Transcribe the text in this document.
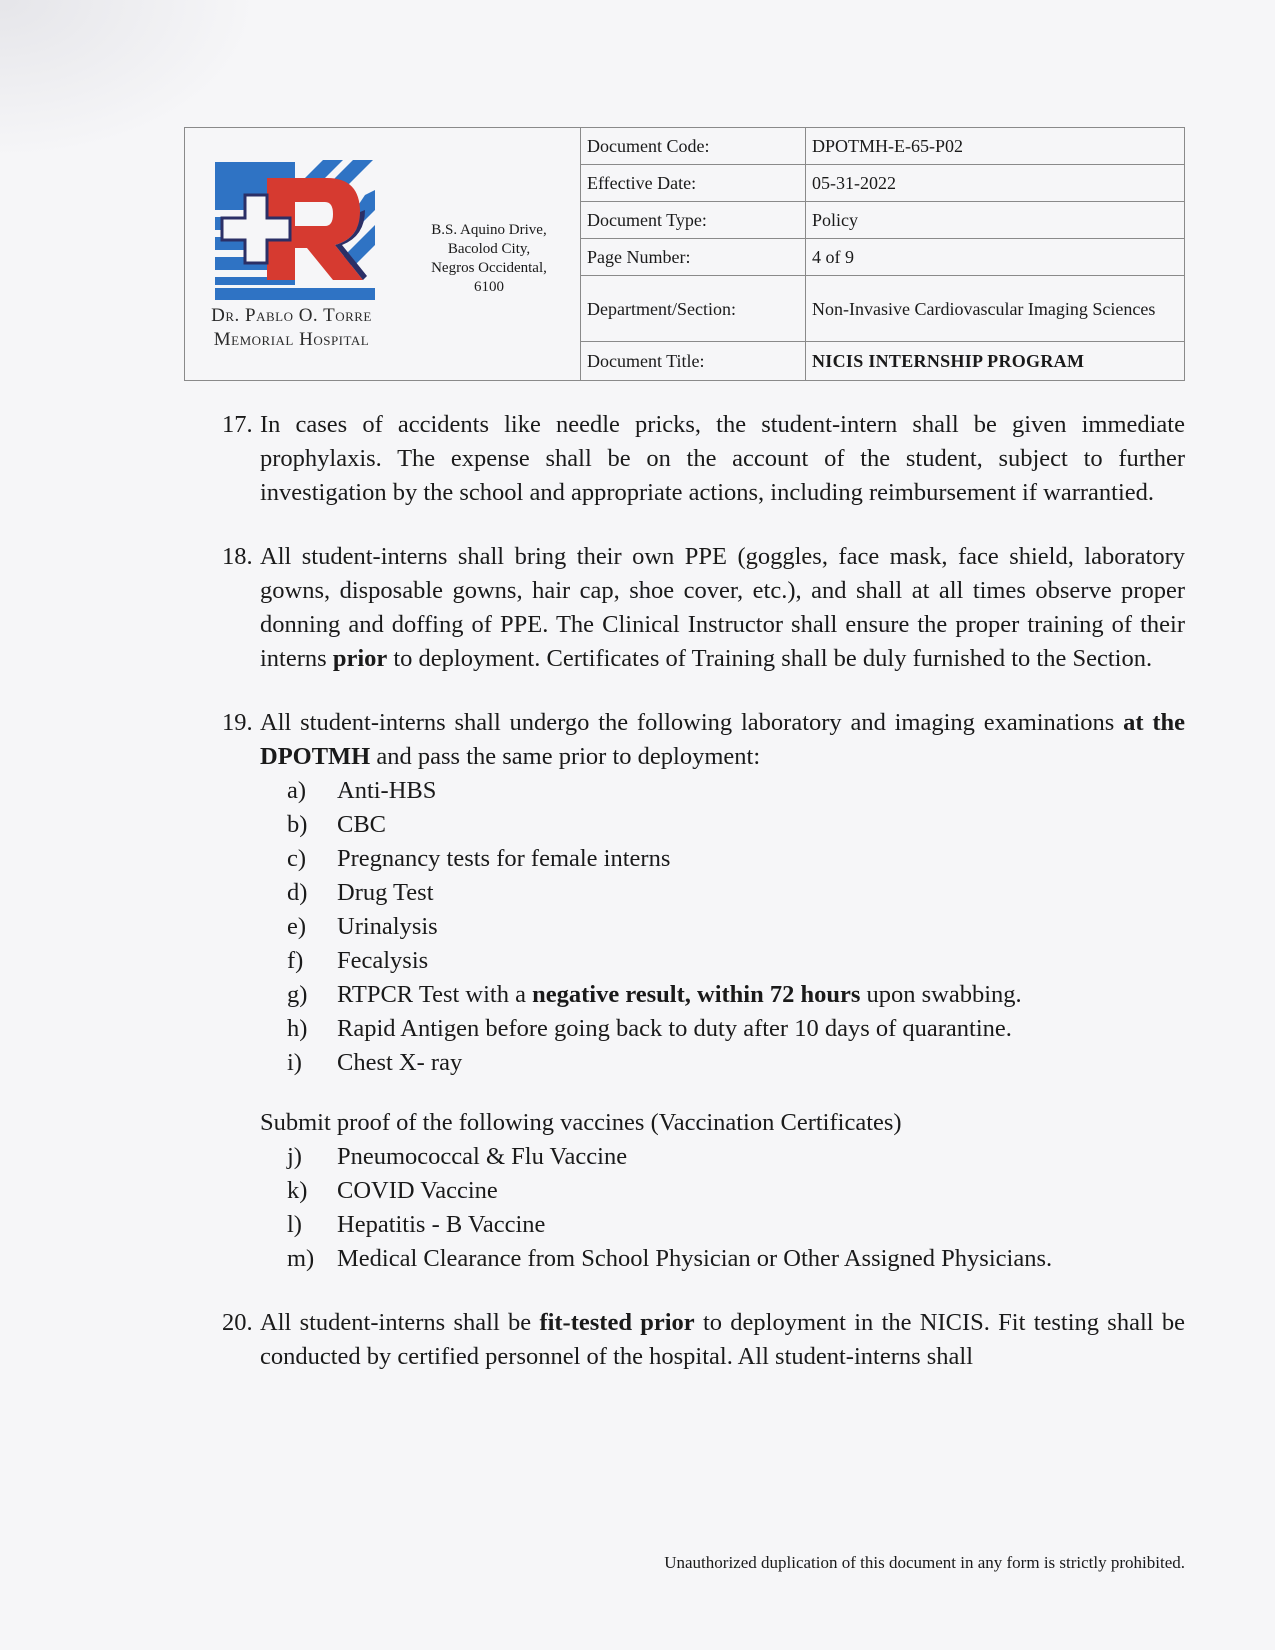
Dr. Pablo O. Torre
Memorial Hospital
B.S. Aquino Drive,
Bacolod City,
Negros Occidental,
6100
Document Code:	DPOTMH-E-65-P02
Effective Date:	05-31-2022
Document Type:	Policy
Page Number:	4 of 9
Department/Section:	Non-Invasive Cardiovascular Imaging Sciences
Document Title:	NICIS INTERNSHIP PROGRAM
17. In cases of accidents like needle pricks, the student-intern shall be given immediate prophylaxis. The expense shall be on the account of the student, subject to further investigation by the school and appropriate actions, including reimbursement if warrantied.
18. All student-interns shall bring their own PPE (goggles, face mask, face shield, laboratory gowns, disposable gowns, hair cap, shoe cover, etc.), and shall at all times observe proper donning and doffing of PPE. The Clinical Instructor shall ensure the proper training of their interns prior to deployment. Certificates of Training shall be duly furnished to the Section.
19. All student-interns shall undergo the following laboratory and imaging examinations at the DPOTMH and pass the same prior to deployment:
a)	Anti-HBS
b)	CBC
c)	Pregnancy tests for female interns
d)	Drug Test
e)	Urinalysis
f)	Fecalysis
g)	RTPCR Test with a negative result, within 72 hours upon swabbing.
h)	Rapid Antigen before going back to duty after 10 days of quarantine.
i)	Chest X- ray
Submit proof of the following vaccines (Vaccination Certificates)
j)	Pneumococcal & Flu Vaccine
k)	COVID Vaccine
l)	Hepatitis - B Vaccine
m) Medical Clearance from School Physician or Other Assigned Physicians.
20. All student-interns shall be fit-tested prior to deployment in the NICIS. Fit testing shall be conducted by certified personnel of the hospital. All student-interns shall
Unauthorized duplication of this document in any form is strictly prohibited.
